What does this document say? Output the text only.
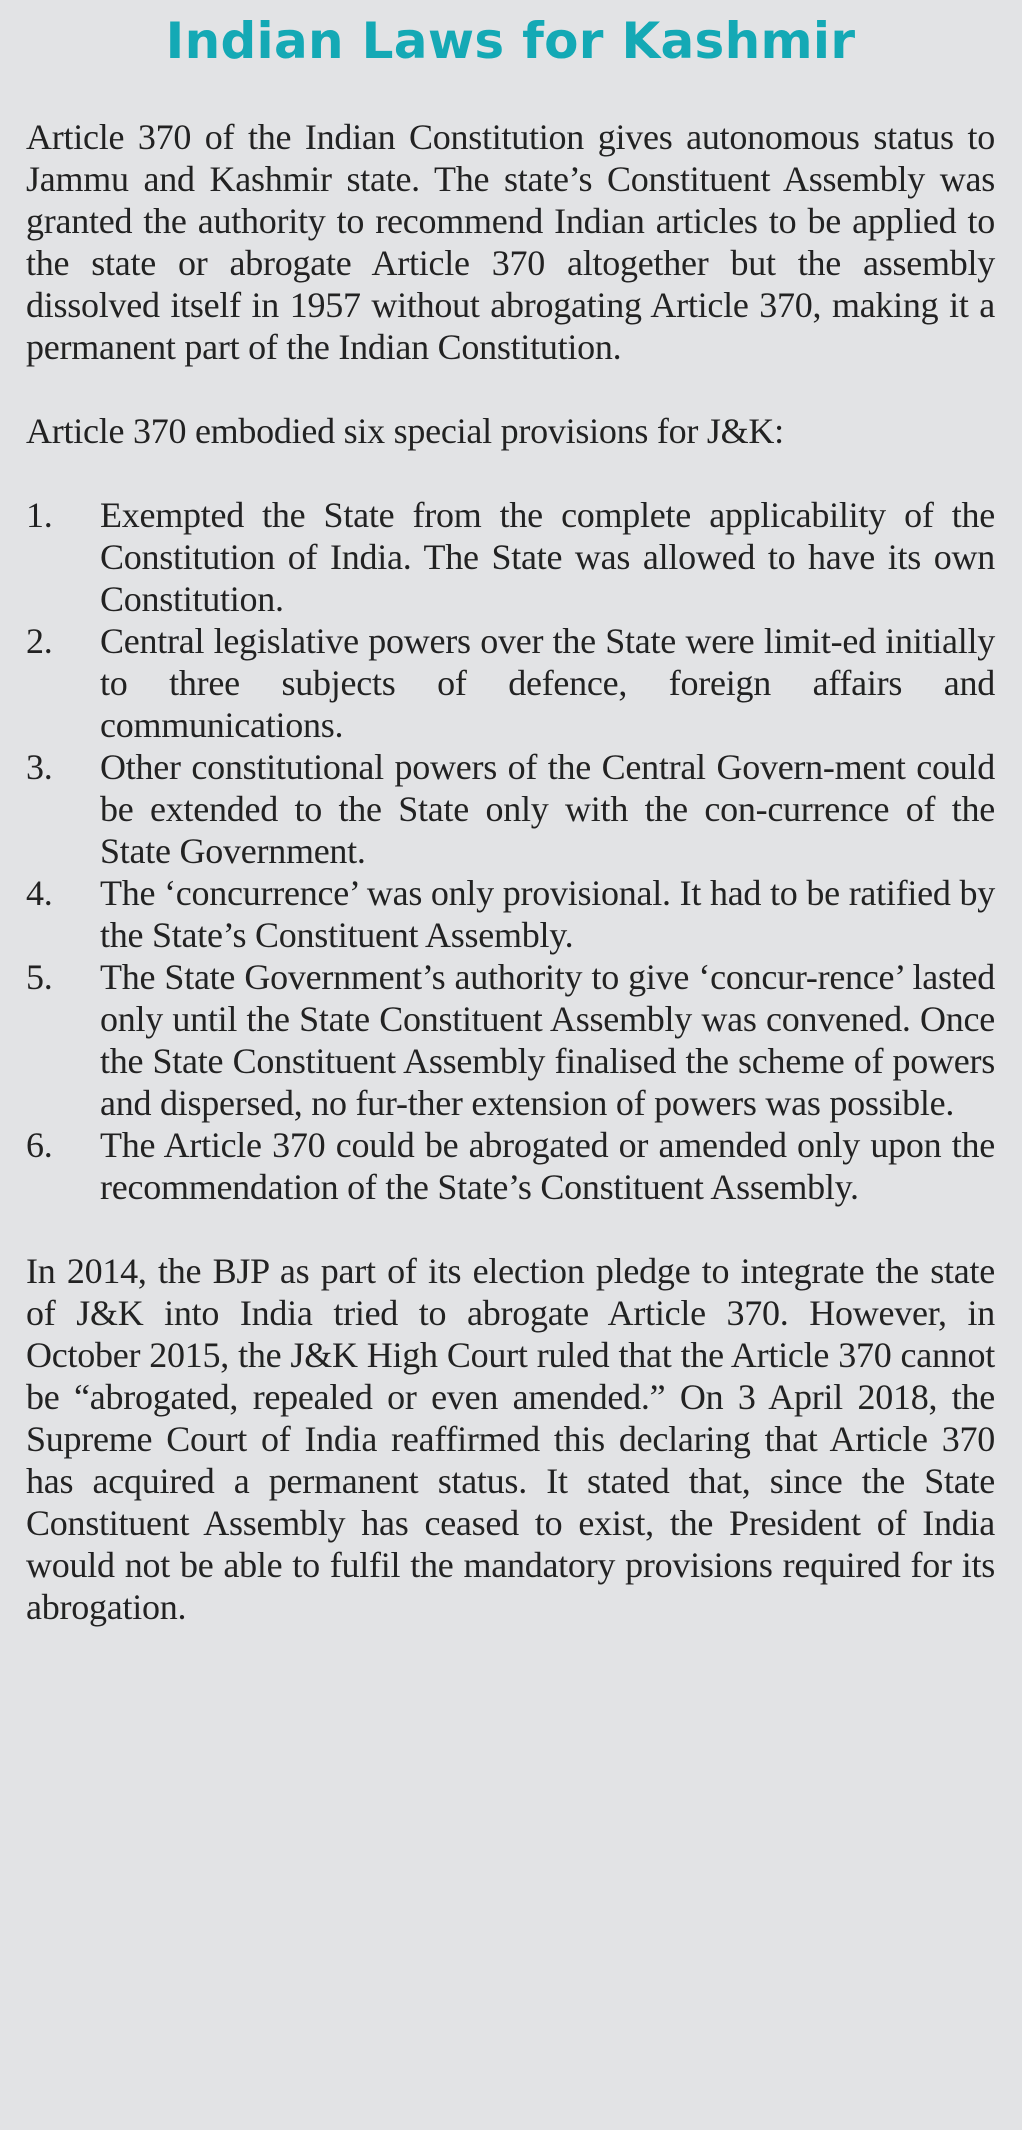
Indian Laws for Kashmir

Article 370 of the Indian Constitution gives autonomous status to Jammu and Kashmir state. The state’s Constituent Assembly was granted the authority to recommend Indian articles to be applied to the state or abrogate Article 370 altogether but the assembly dissolved itself in 1957 without abrogating Article 370, making it a permanent part of the Indian Constitution.

Article 370 embodied six special provisions for J&K:

1.	Exempted the State from the complete applicability of the Constitution of India. The State was allowed to have its own Constitution.
2.	Central legislative powers over the State were limit-ed initially to three subjects of defence, foreign affairs and communications.
3.	Other constitutional powers of the Central Govern-ment could be extended to the State only with the con-currence of the State Government.
4.	The ‘concurrence’ was only provisional. It had to be ratified by the State’s Constituent Assembly.
5.	The State Government’s authority to give ‘concur-rence’ lasted only until the State Constituent Assembly was convened. Once the State Constituent Assembly finalised the scheme of powers and dispersed, no fur-ther extension of powers was possible.
6.	The Article 370 could be abrogated or amended only upon the recommendation of the State’s Constituent Assembly.

In 2014, the BJP as part of its election pledge to integrate the state of J&K into India tried to abrogate Article 370. However, in October 2015, the J&K High Court ruled that the Article 370 cannot be “abrogated, repealed or even amended.” On 3 April 2018, the Supreme Court of India reaffirmed this declaring that Article 370 has acquired a permanent status. It stated that, since the State Constituent Assembly has ceased to exist, the President of India would not be able to fulfil the mandatory provisions required for its abrogation.
